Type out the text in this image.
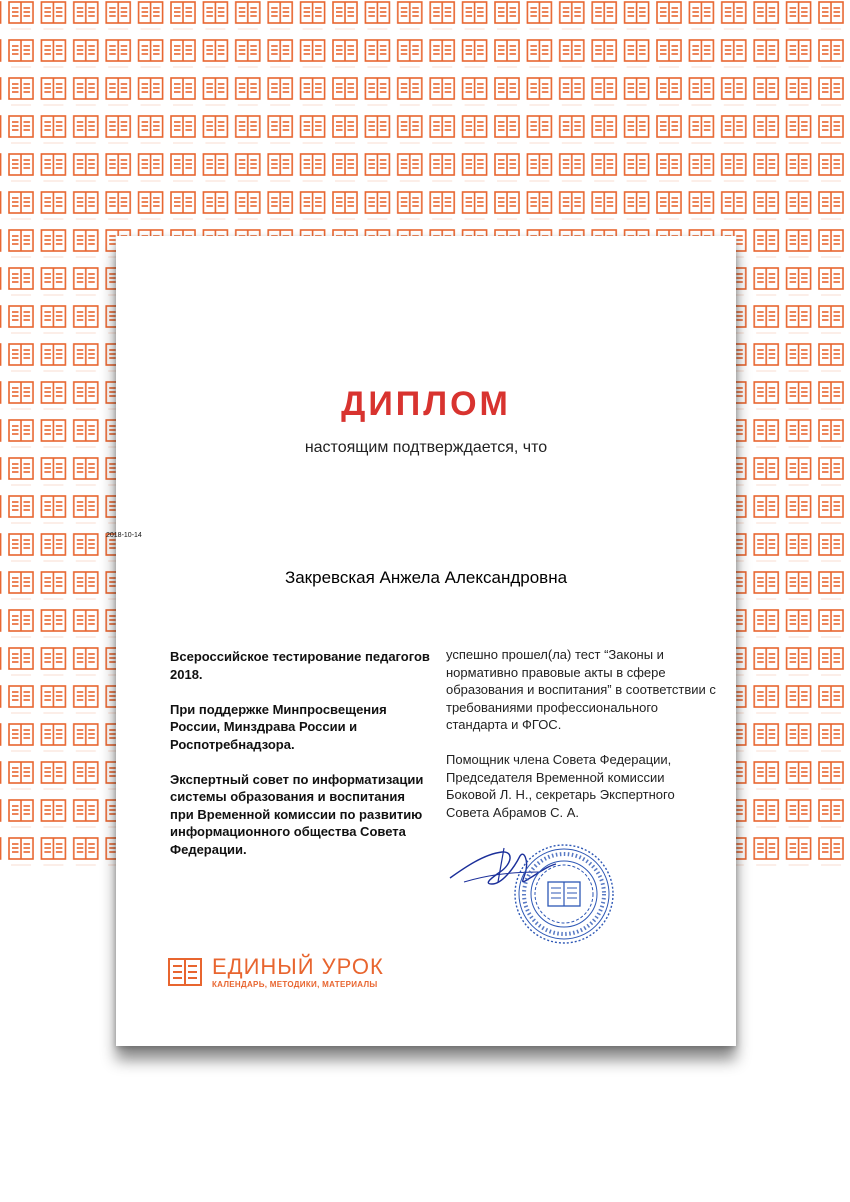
ДИПЛОМ

настоящим подтверждается, что

2018-10-14

Закревская Анжела Александровна

Всероссийское тестирование педагогов 2018.

При поддержке Минпросвещения России, Минздрава России и Роспотребнадзора.

Экспертный совет по информатизации системы образования и воспитания при Временной комиссии по развитию информационного общества Совета Федерации.

успешно прошел(ла) тест “Законы и нормативно правовые акты в сфере образования и воспитания” в соответствии с требованиями профессионального стандарта и ФГОС.

Помощник члена Совета Федерации, Председателя Временной комиссии Боковой Л. Н., секретарь Экспертного Совета Абрамов С. А.

ЕДИНЫЙ УРОК
КАЛЕНДАРЬ, МЕТОДИКИ, МАТЕРИАЛЫ
